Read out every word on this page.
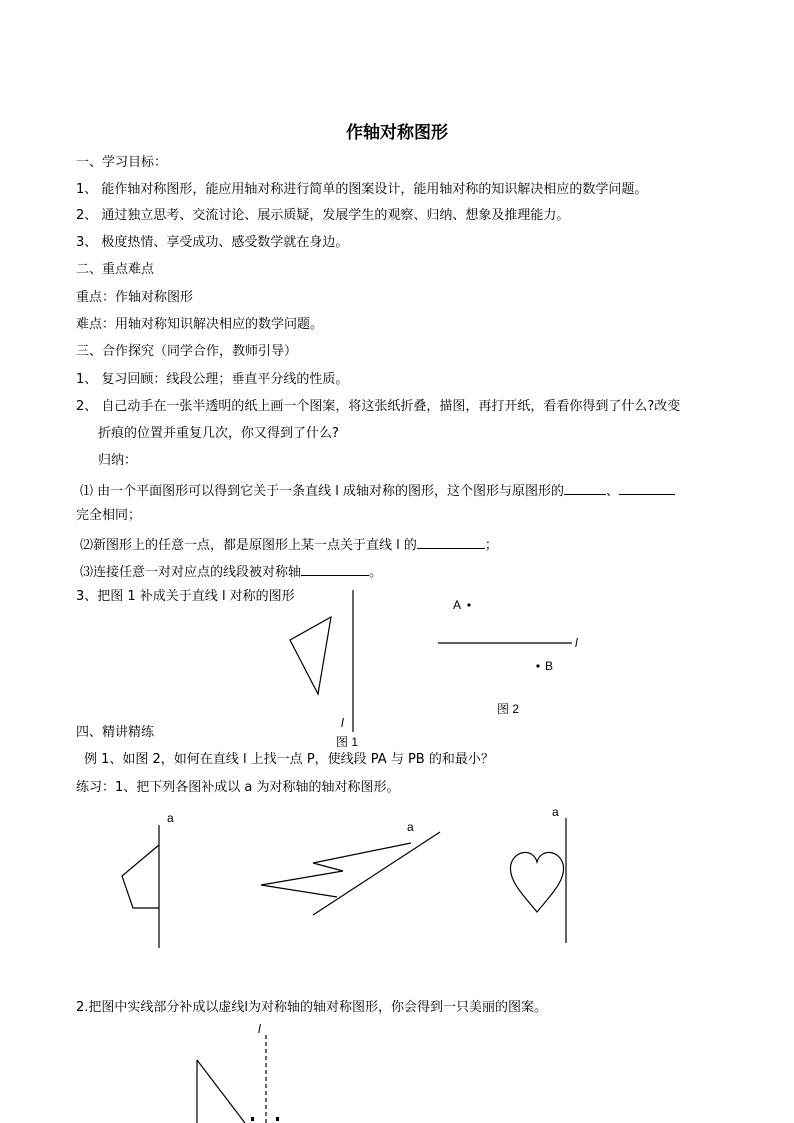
作轴对称图形
一、学习目标：
1、 能作轴对称图形，能应用轴对称进行简单的图案设计，能用轴对称的知识解决相应的数学问题。
2、 通过独立思考、交流讨论、展示质疑，发展学生的观察、归纳、想象及推理能力。
3、 极度热情、享受成功、感受数学就在身边。
二、重点难点
重点：作轴对称图形
难点：用轴对称知识解决相应的数学问题。
三、合作探究（同学合作，教师引导）
1、 复习回顾：线段公理；垂直平分线的性质。
2、 自己动手在一张半透明的纸上画一个图案，将这张纸折叠，描图，再打开纸，看看你得到了什么?改变
折痕的位置并重复几次，你又得到了什么?
归纳：
⑴ 由一个平面图形可以得到它关于一条直线 l 成轴对称的图形，这个图形与原图形的	、
完全相同；
⑵新图形上的任意一点，都是原图形上某一点关于直线 l 的	；
⑶连接任意一对对应点的线段被对称轴	。
3、把图 1 补成关于直线 l 对称的图形
四、精讲精练
例 1、如图 2，如何在直线 l 上找一点 P，使线段 PA 与 PB 的和最小？
练习：1、把下列各图补成以 a 为对称轴的轴对称图形。
2.把图中实线部分补成以虚线l为对称轴的轴对称图形，你会得到一只美丽的图案。
l
图 1
A
B
l
图 2
a
a
a
l
